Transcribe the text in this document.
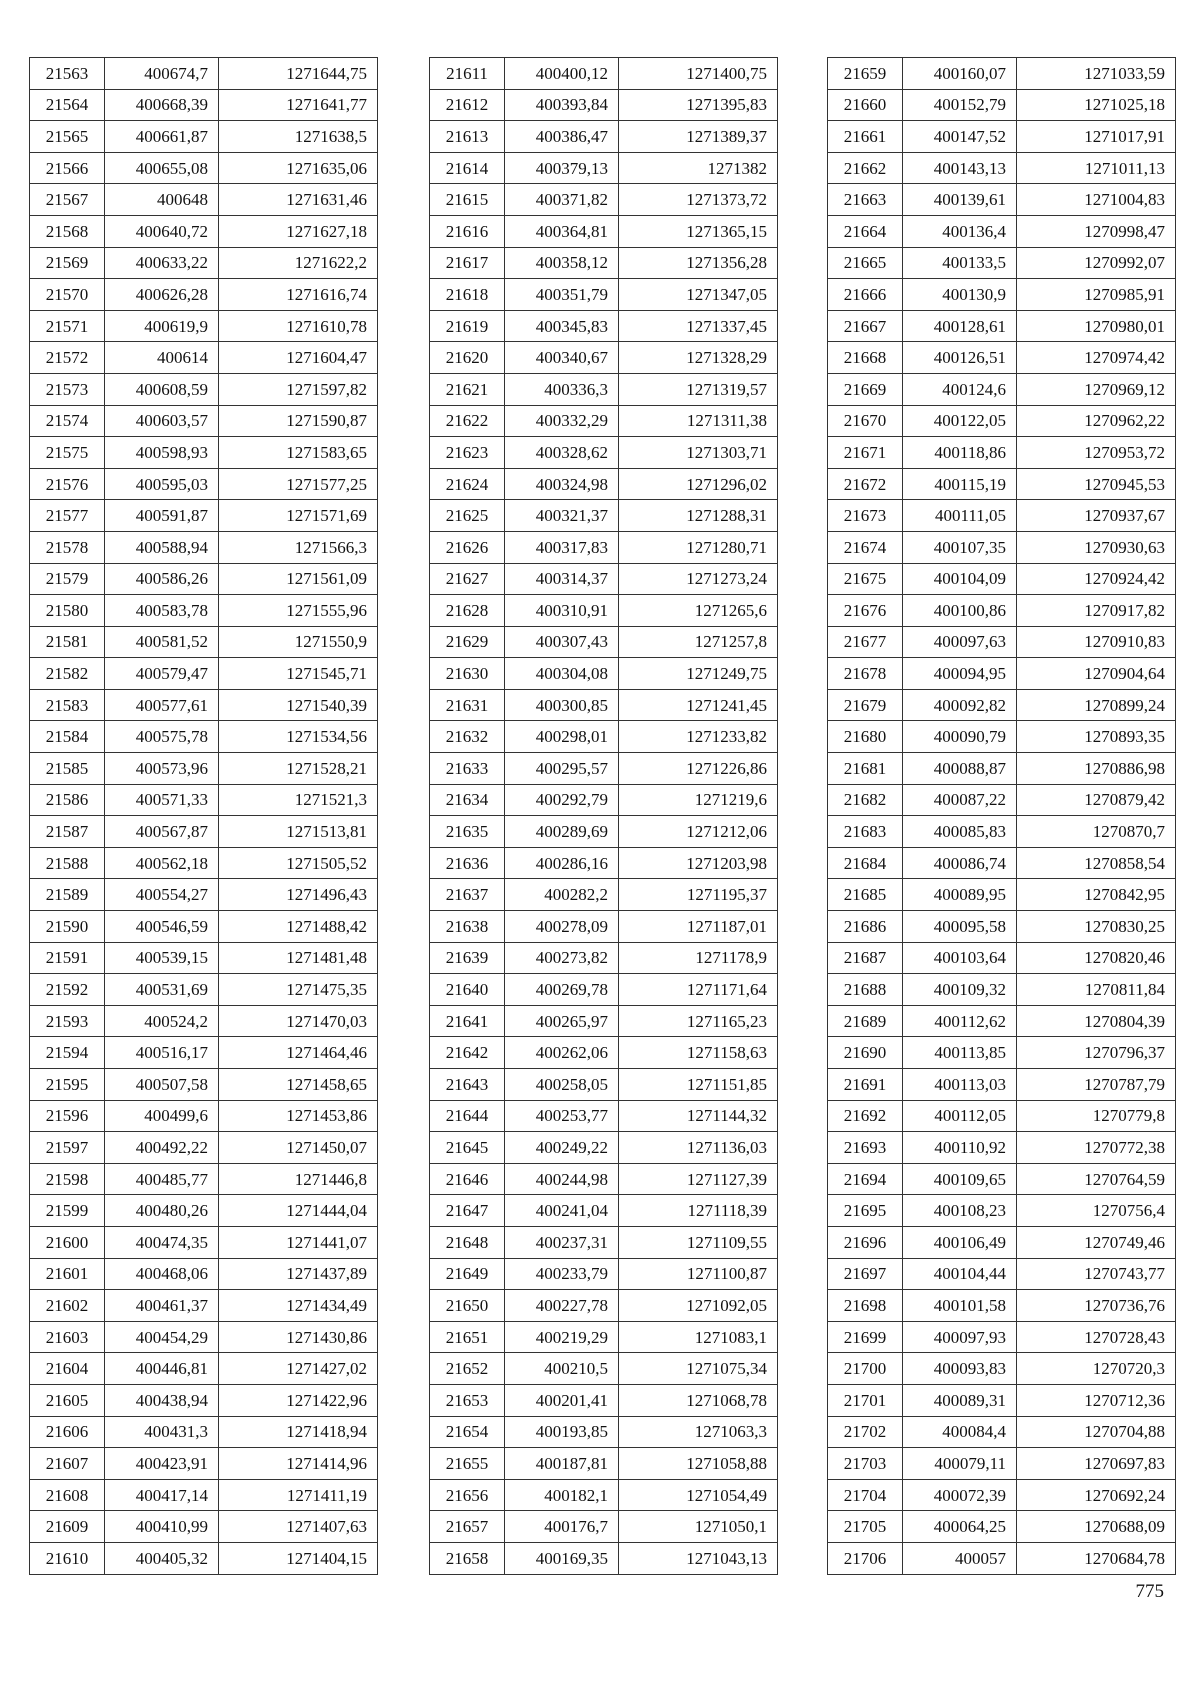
21563	400674,7	1271644,75
21564	400668,39	1271641,77
21565	400661,87	1271638,5
21566	400655,08	1271635,06
21567	400648	1271631,46
21568	400640,72	1271627,18
21569	400633,22	1271622,2
21570	400626,28	1271616,74
21571	400619,9	1271610,78
21572	400614	1271604,47
21573	400608,59	1271597,82
21574	400603,57	1271590,87
21575	400598,93	1271583,65
21576	400595,03	1271577,25
21577	400591,87	1271571,69
21578	400588,94	1271566,3
21579	400586,26	1271561,09
21580	400583,78	1271555,96
21581	400581,52	1271550,9
21582	400579,47	1271545,71
21583	400577,61	1271540,39
21584	400575,78	1271534,56
21585	400573,96	1271528,21
21586	400571,33	1271521,3
21587	400567,87	1271513,81
21588	400562,18	1271505,52
21589	400554,27	1271496,43
21590	400546,59	1271488,42
21591	400539,15	1271481,48
21592	400531,69	1271475,35
21593	400524,2	1271470,03
21594	400516,17	1271464,46
21595	400507,58	1271458,65
21596	400499,6	1271453,86
21597	400492,22	1271450,07
21598	400485,77	1271446,8
21599	400480,26	1271444,04
21600	400474,35	1271441,07
21601	400468,06	1271437,89
21602	400461,37	1271434,49
21603	400454,29	1271430,86
21604	400446,81	1271427,02
21605	400438,94	1271422,96
21606	400431,3	1271418,94
21607	400423,91	1271414,96
21608	400417,14	1271411,19
21609	400410,99	1271407,63
21610	400405,32	1271404,15
21611	400400,12	1271400,75
21612	400393,84	1271395,83
21613	400386,47	1271389,37
21614	400379,13	1271382
21615	400371,82	1271373,72
21616	400364,81	1271365,15
21617	400358,12	1271356,28
21618	400351,79	1271347,05
21619	400345,83	1271337,45
21620	400340,67	1271328,29
21621	400336,3	1271319,57
21622	400332,29	1271311,38
21623	400328,62	1271303,71
21624	400324,98	1271296,02
21625	400321,37	1271288,31
21626	400317,83	1271280,71
21627	400314,37	1271273,24
21628	400310,91	1271265,6
21629	400307,43	1271257,8
21630	400304,08	1271249,75
21631	400300,85	1271241,45
21632	400298,01	1271233,82
21633	400295,57	1271226,86
21634	400292,79	1271219,6
21635	400289,69	1271212,06
21636	400286,16	1271203,98
21637	400282,2	1271195,37
21638	400278,09	1271187,01
21639	400273,82	1271178,9
21640	400269,78	1271171,64
21641	400265,97	1271165,23
21642	400262,06	1271158,63
21643	400258,05	1271151,85
21644	400253,77	1271144,32
21645	400249,22	1271136,03
21646	400244,98	1271127,39
21647	400241,04	1271118,39
21648	400237,31	1271109,55
21649	400233,79	1271100,87
21650	400227,78	1271092,05
21651	400219,29	1271083,1
21652	400210,5	1271075,34
21653	400201,41	1271068,78
21654	400193,85	1271063,3
21655	400187,81	1271058,88
21656	400182,1	1271054,49
21657	400176,7	1271050,1
21658	400169,35	1271043,13
21659	400160,07	1271033,59
21660	400152,79	1271025,18
21661	400147,52	1271017,91
21662	400143,13	1271011,13
21663	400139,61	1271004,83
21664	400136,4	1270998,47
21665	400133,5	1270992,07
21666	400130,9	1270985,91
21667	400128,61	1270980,01
21668	400126,51	1270974,42
21669	400124,6	1270969,12
21670	400122,05	1270962,22
21671	400118,86	1270953,72
21672	400115,19	1270945,53
21673	400111,05	1270937,67
21674	400107,35	1270930,63
21675	400104,09	1270924,42
21676	400100,86	1270917,82
21677	400097,63	1270910,83
21678	400094,95	1270904,64
21679	400092,82	1270899,24
21680	400090,79	1270893,35
21681	400088,87	1270886,98
21682	400087,22	1270879,42
21683	400085,83	1270870,7
21684	400086,74	1270858,54
21685	400089,95	1270842,95
21686	400095,58	1270830,25
21687	400103,64	1270820,46
21688	400109,32	1270811,84
21689	400112,62	1270804,39
21690	400113,85	1270796,37
21691	400113,03	1270787,79
21692	400112,05	1270779,8
21693	400110,92	1270772,38
21694	400109,65	1270764,59
21695	400108,23	1270756,4
21696	400106,49	1270749,46
21697	400104,44	1270743,77
21698	400101,58	1270736,76
21699	400097,93	1270728,43
21700	400093,83	1270720,3
21701	400089,31	1270712,36
21702	400084,4	1270704,88
21703	400079,11	1270697,83
21704	400072,39	1270692,24
21705	400064,25	1270688,09
21706	400057	1270684,78
775
